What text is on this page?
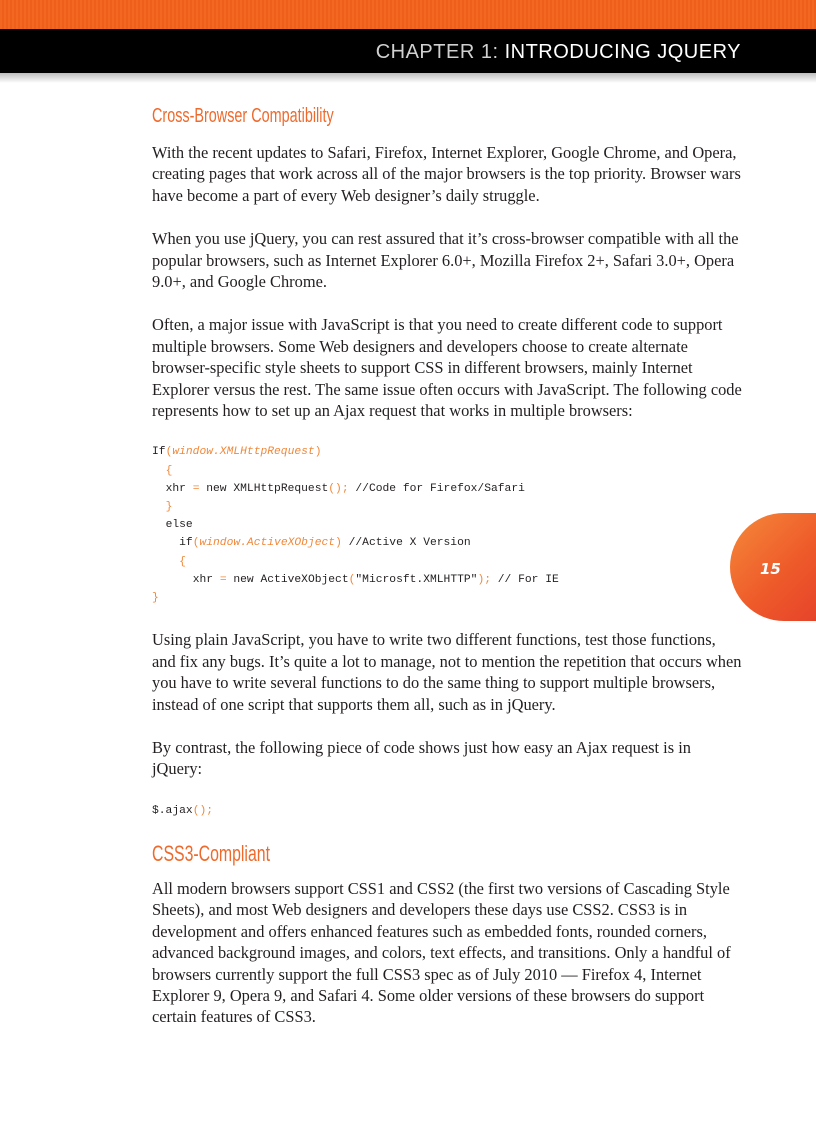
CHAPTER 1: INTRODUCING JQUERY
15
Cross-Browser Compatibility

With the recent updates to Safari, Firefox, Internet Explorer, Google Chrome, and Opera, creating pages that work across all of the major browsers is the top priority. Browser wars have become a part of every Web designer’s daily struggle.

When you use jQuery, you can rest assured that it’s cross-browser compatible with all the popular browsers, such as Internet Explorer 6.0+, Mozilla Firefox 2+, Safari 3.0+, Opera 9.0+, and Google Chrome.

Often, a major issue with JavaScript is that you need to create different code to support multiple browsers. Some Web designers and developers choose to create alternate browser-specific style sheets to support CSS in different browsers, mainly Internet Explorer versus the rest. The same issue often occurs with JavaScript. The following code represents how to set up an Ajax request that works in multiple browsers:

If(window.XMLHttpRequest)
{
xhr = new XMLHttpRequest(); //Code for Firefox/Safari
}
else
if(window.ActiveXObject) //Active X Version
{
xhr = new ActiveXObject("Microsft.XMLHTTP"); // For IE
}

Using plain JavaScript, you have to write two different functions, test those functions, and fix any bugs. It’s quite a lot to manage, not to mention the repetition that occurs when you have to write several functions to do the same thing to support multiple browsers, instead of one script that supports them all, such as in jQuery.

By contrast, the following piece of code shows just how easy an Ajax request is in jQuery:

$.ajax();
CSS3-Compliant

All modern browsers support CSS1 and CSS2 (the first two versions of Cascading Style Sheets), and most Web designers and developers these days use CSS2. CSS3 is in development and offers enhanced features such as embedded fonts, rounded corners, advanced background images, and colors, text effects, and transitions. Only a handful of browsers currently support the full CSS3 spec as of July 2010 — Firefox 4, Internet Explorer 9, Opera 9, and Safari 4. Some older versions of these browsers do support certain features of CSS3.
